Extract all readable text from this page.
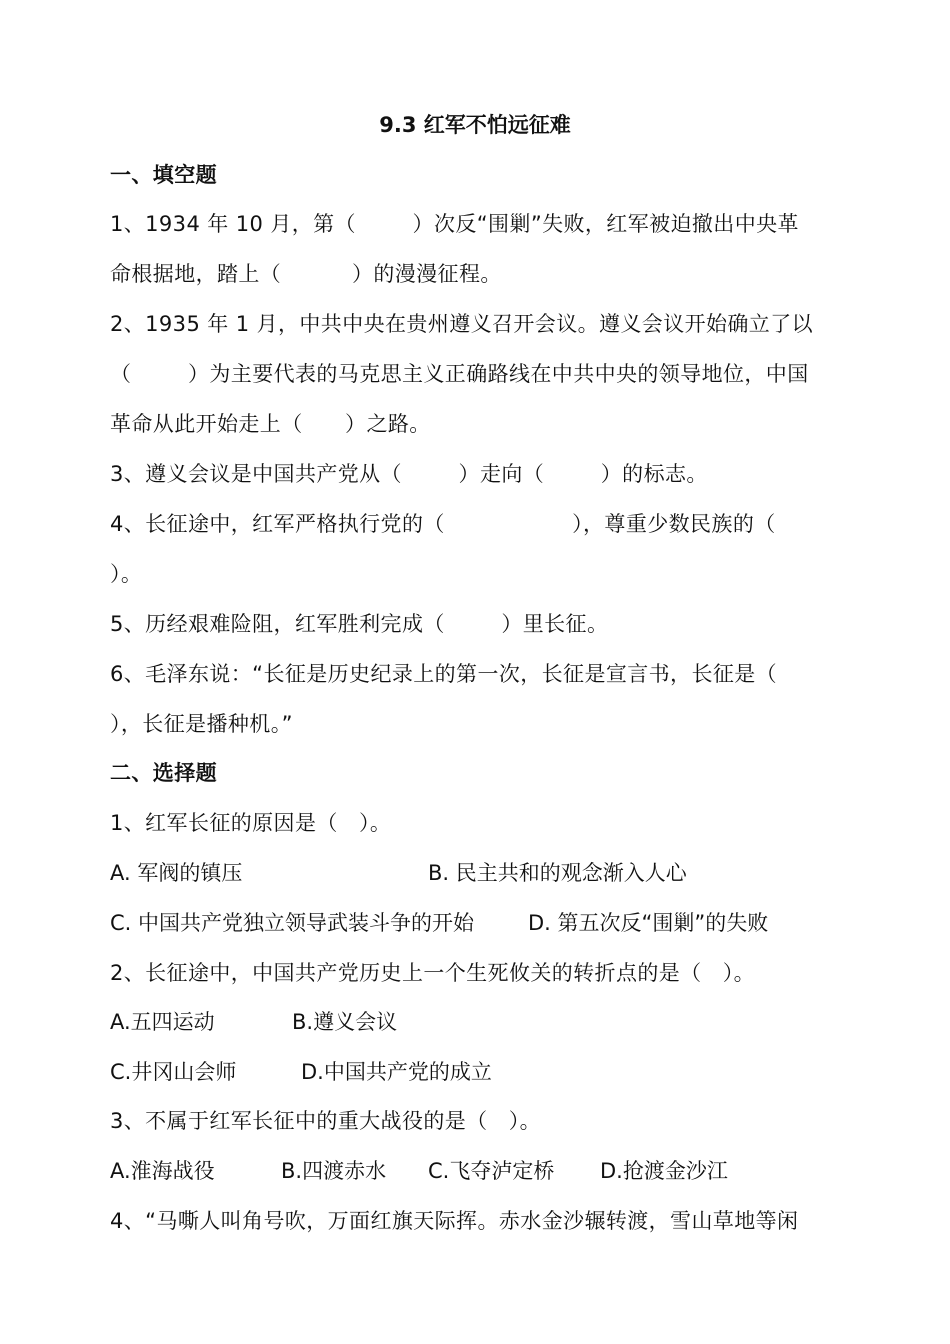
9.3 红军不怕远征难
一、填空题
1、1934 年 10 月，第（        ）次反“围剿”失败，红军被迫撤出中央革
命根据地，踏上（          ）的漫漫征程。
2、1935 年 1 月，中共中央在贵州遵义召开会议。遵义会议开始确立了以
（        ）为主要代表的马克思主义正确路线在中共中央的领导地位，中国
革命从此开始走上（      ）之路。
3、遵义会议是中国共产党从（        ）走向（        ）的标志。
4、长征途中，红军严格执行党的（                  ），尊重少数民族的（
）。
5、历经艰难险阻，红军胜利完成（        ）里长征。
6、毛泽东说：“长征是历史纪录上的第一次，长征是宣言书，长征是（
），长征是播种机。”
二、选择题
1、红军长征的原因是（   ）。
A. 军阀的镇压	B. 民主共和的观念渐入人心
C. 中国共产党独立领导武装斗争的开始	D. 第五次反“围剿”的失败
2、长征途中，中国共产党历史上一个生死攸关的转折点的是（   ）。
A.五四运动	B.遵义会议
C.井冈山会师	D.中国共产党的成立
3、不属于红军长征中的重大战役的是（   ）。
A.淮海战役	B.四渡赤水 C.飞夺泸定桥 D.抢渡金沙江
4、“马嘶人叫角号吹，万面红旗天际挥。赤水金沙辗转渡，雪山草地等闲
